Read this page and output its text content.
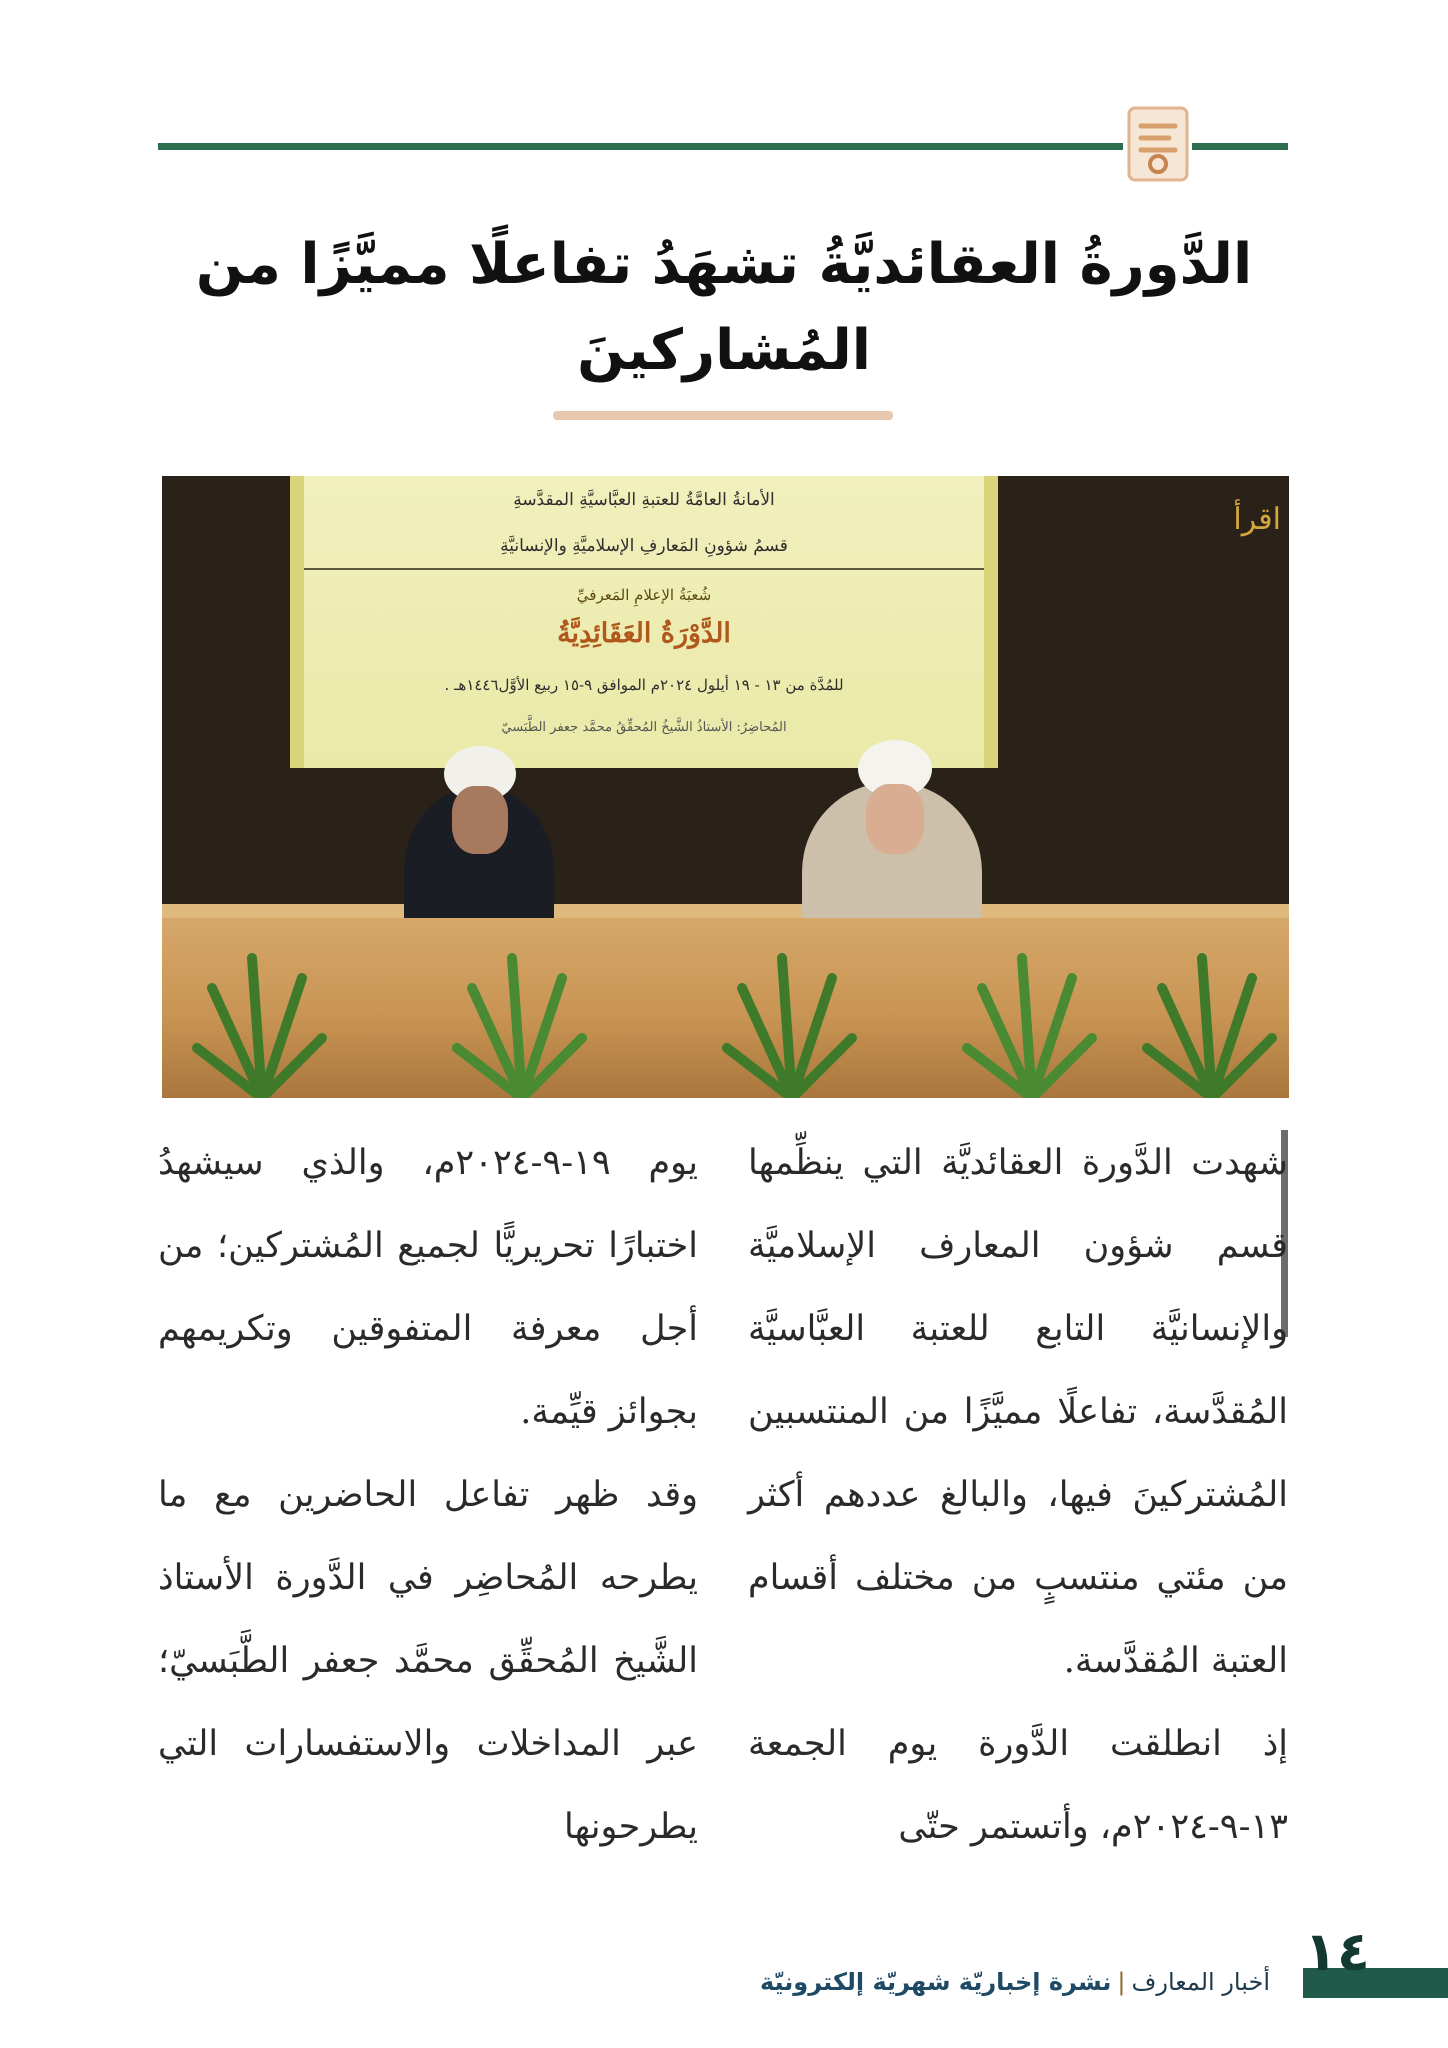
الدَّورةُ العقائديَّةُ تشهَدُ تفاعلًا مميَّزًا من المُشاركينَ
الأمانةُ العامَّةُ للعتبةِ العبَّاسيَّةِ المقدَّسةِ
قسمُ شؤونِ المَعارفِ الإسلاميَّةِ والإنسانيَّةِ
شُعبَةُ الإعلامِ المَعرفيِّ
الدَّوْرَةُ العَقَائِدِيَّةُ
للمُدَّة من ١٣ - ١٩ أيلول ٢٠٢٤م الموافق ٩-١٥ ربيع الأوَّل١٤٤٦هـ .
المُحاضِرُ: الأستاذُ الشَّيخُ المُحقِّقُ محمَّد جعفر الطَّبَسيّ
اقرأ

شهدت الدَّورة العقائديَّة التي ينظِّمها قسم شؤون المعارف الإسلاميَّة والإنسانيَّة التابع للعتبة العبَّاسيَّة المُقدَّسة، تفاعلًا مميَّزًا من المنتسبين المُشتركينَ فيها، والبالغ عددهم أكثر من مئتي منتسبٍ من مختلف أقسام العتبة المُقدَّسة.

إذ انطلقت الدَّورة يوم الجمعة ١٣-٩-٢٠٢٤م، وأتستمر حتّى

يوم ١٩-٩-٢٠٢٤م، والذي سيشهدُ اختبارًا تحريريًّا لجميع المُشتركين؛ من أجل معرفة المتفوقين وتكريمهم بجوائز قيِّمة.

وقد ظهر تفاعل الحاضرين مع ما يطرحه المُحاضِر في الدَّورة الأستاذ الشَّيخ المُحقِّق محمَّد جعفر الطَّبَسيّ؛ عبر المداخلات والاستفسارات التي يطرحونها

١٤
أخبار المعارف|نشرة إخباريّة شهريّة إلكترونيّة
